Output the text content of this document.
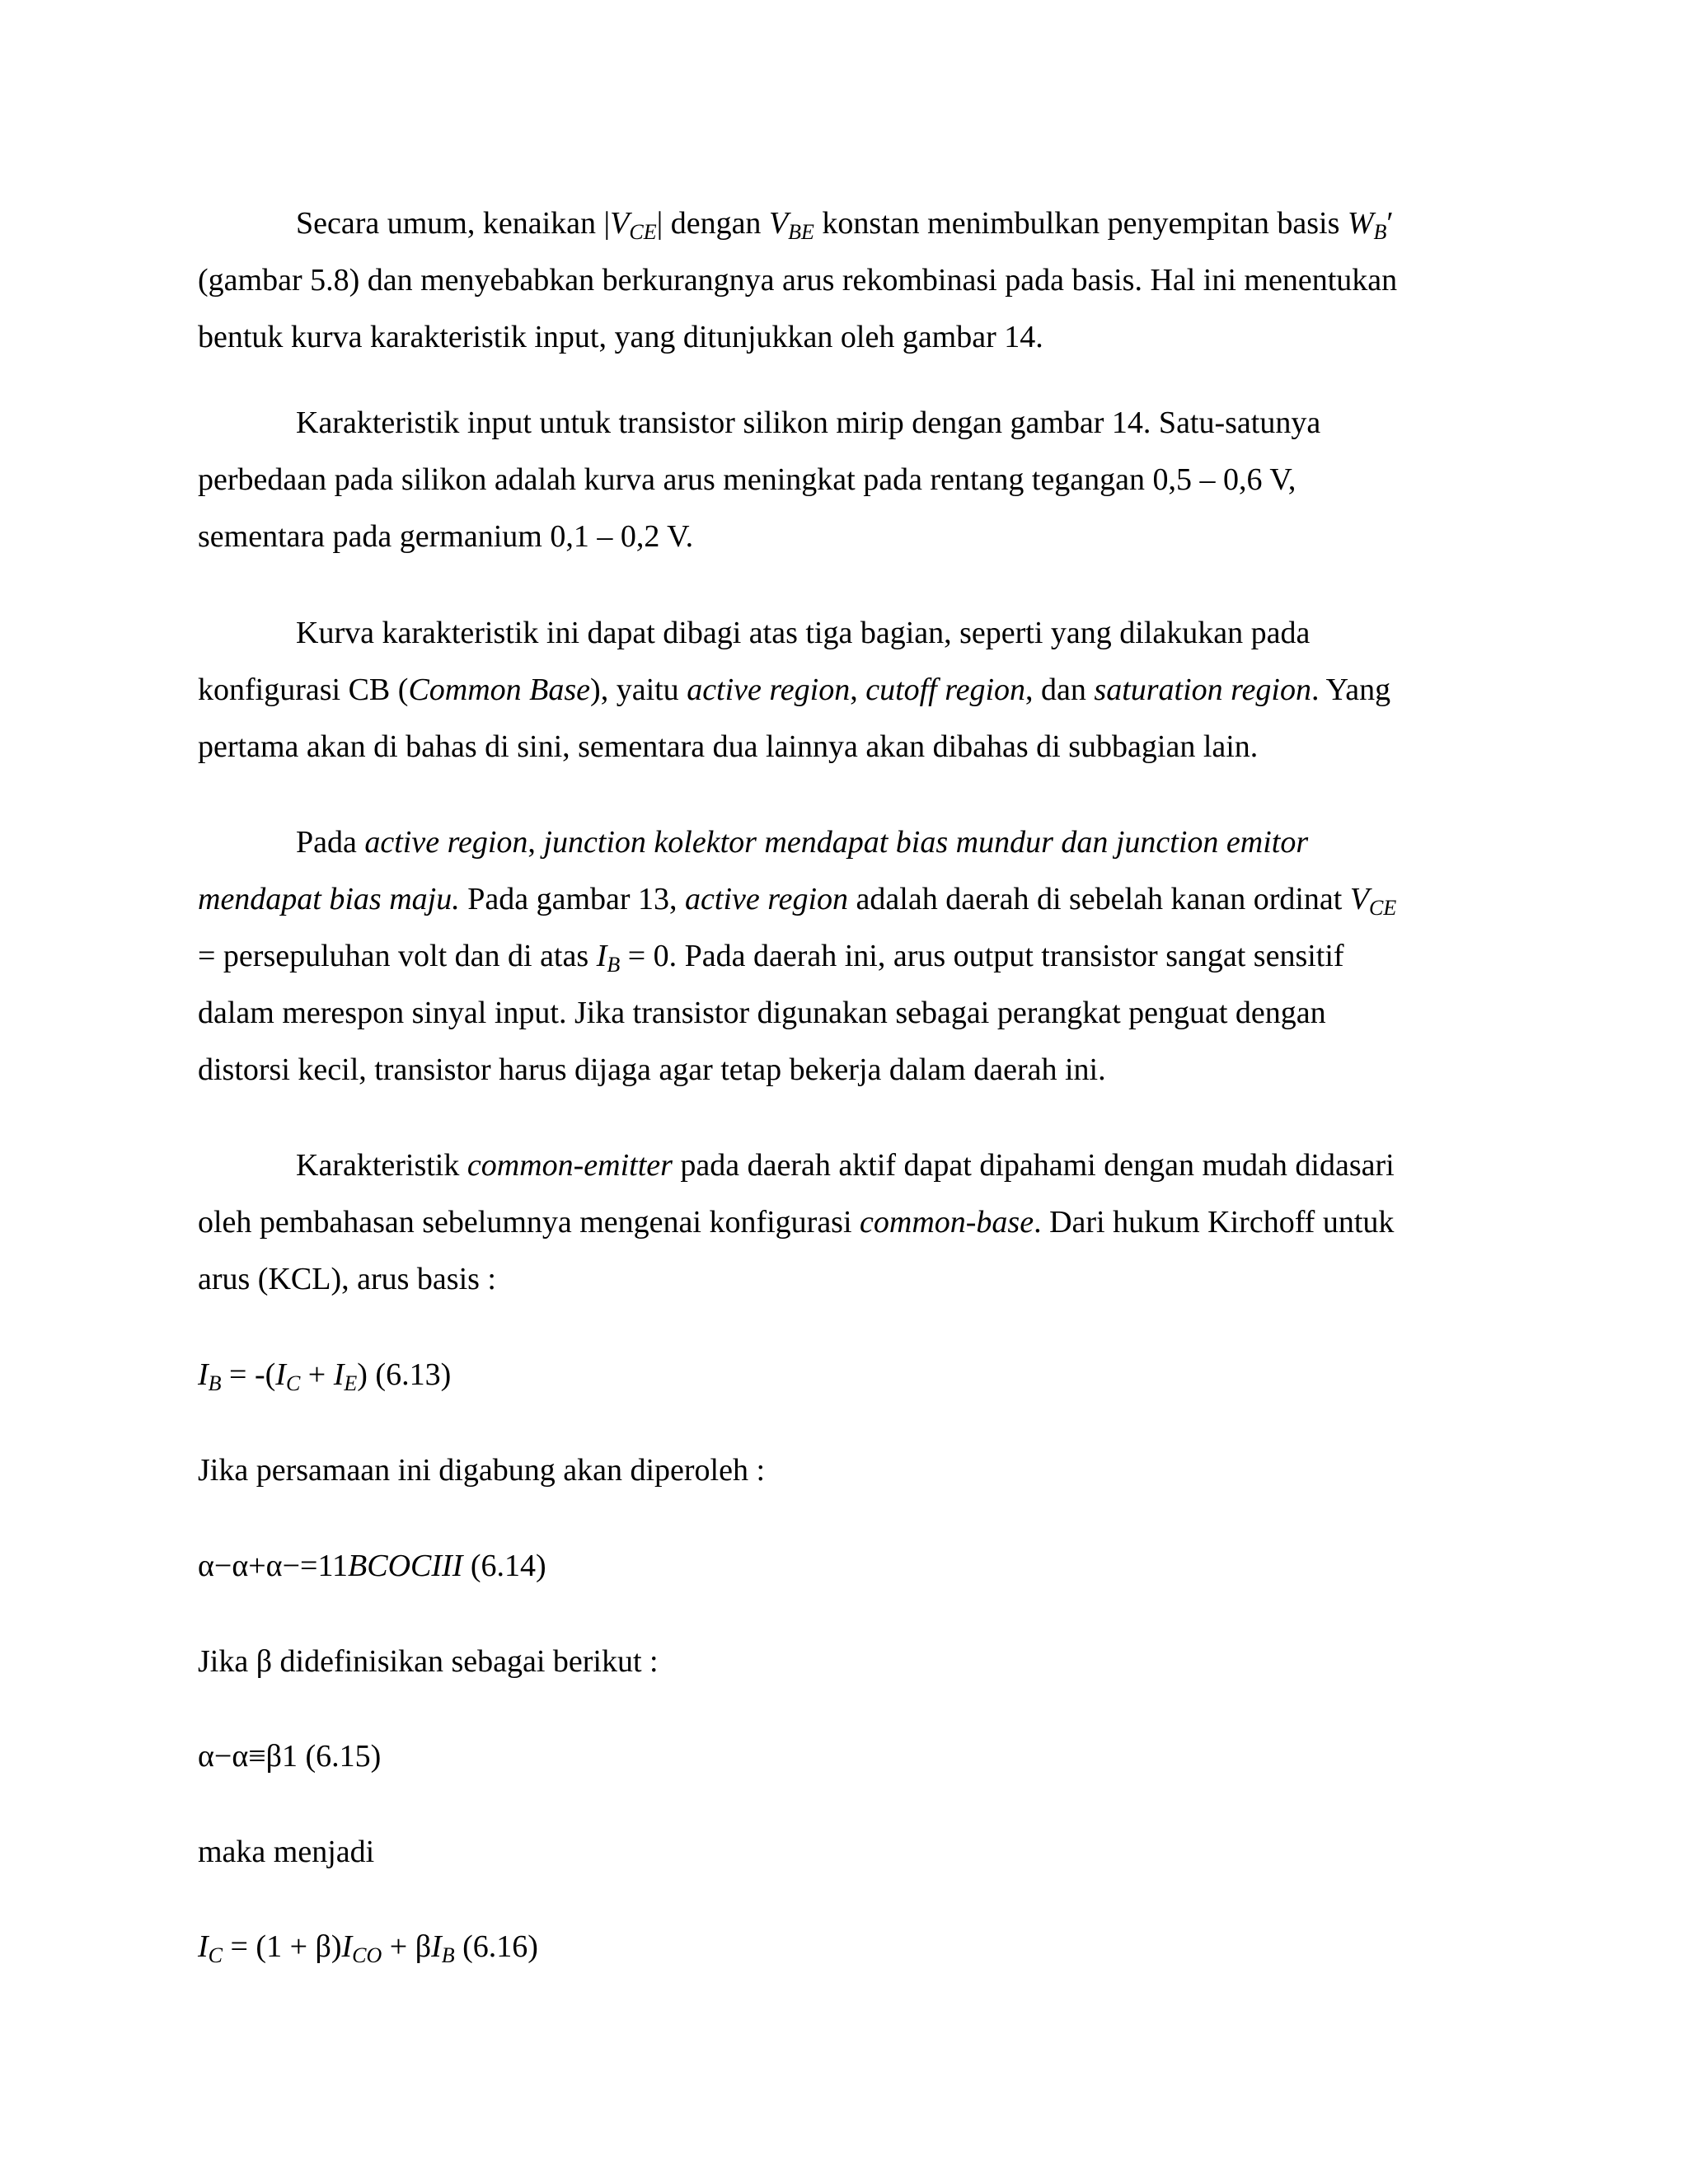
Secara umum, kenaikan $|V_{CE}|$ dengan $V_{BE}$ konstan menimbulkan penyempitan basis $W_B'$
(gambar 5.8) dan menyebabkan berkurangnya arus rekombinasi pada basis. Hal ini menentukan
bentuk kurva karakteristik input, yang ditunjukkan oleh gambar 14.
Karakteristik input untuk transistor silikon mirip dengan gambar 14. Satu-satunya
perbedaan pada silikon adalah kurva arus meningkat pada rentang tegangan 0,5 – 0,6 V,
sementara pada germanium 0,1 – 0,2 V.
Kurva karakteristik ini dapat dibagi atas tiga bagian, seperti yang dilakukan pada
konfigurasi CB (Common Base), yaitu active region, cutoff region, dan saturation region. Yang
pertama akan di bahas di sini, sementara dua lainnya akan dibahas di subbagian lain.
Pada active region, junction kolektor mendapat bias mundur dan junction emitor
mendapat bias maju. Pada gambar 13, active region adalah daerah di sebelah kanan ordinat $V_{CE}$
= persepuluhan volt dan di atas $I_B = 0$. Pada daerah ini, arus output transistor sangat sensitif
dalam merespon sinyal input. Jika transistor digunakan sebagai perangkat penguat dengan
distorsi kecil, transistor harus dijaga agar tetap bekerja dalam daerah ini.
Karakteristik common-emitter pada daerah aktif dapat dipahami dengan mudah didasari
oleh pembahasan sebelumnya mengenai konfigurasi common-base. Dari hukum Kirchoff untuk
arus (KCL), arus basis :
$I_B = -(I_C + I_E)$ (6.13)
Jika persamaan ini digabung akan diperoleh :
α−α+α−=11BCOCIII (6.14)
Jika β didefinisikan sebagai berikut :
α−α≡β1 (6.15)
maka menjadi
$I_C = (1 + \beta)I_{CO} + \beta I_B$ (6.16)
